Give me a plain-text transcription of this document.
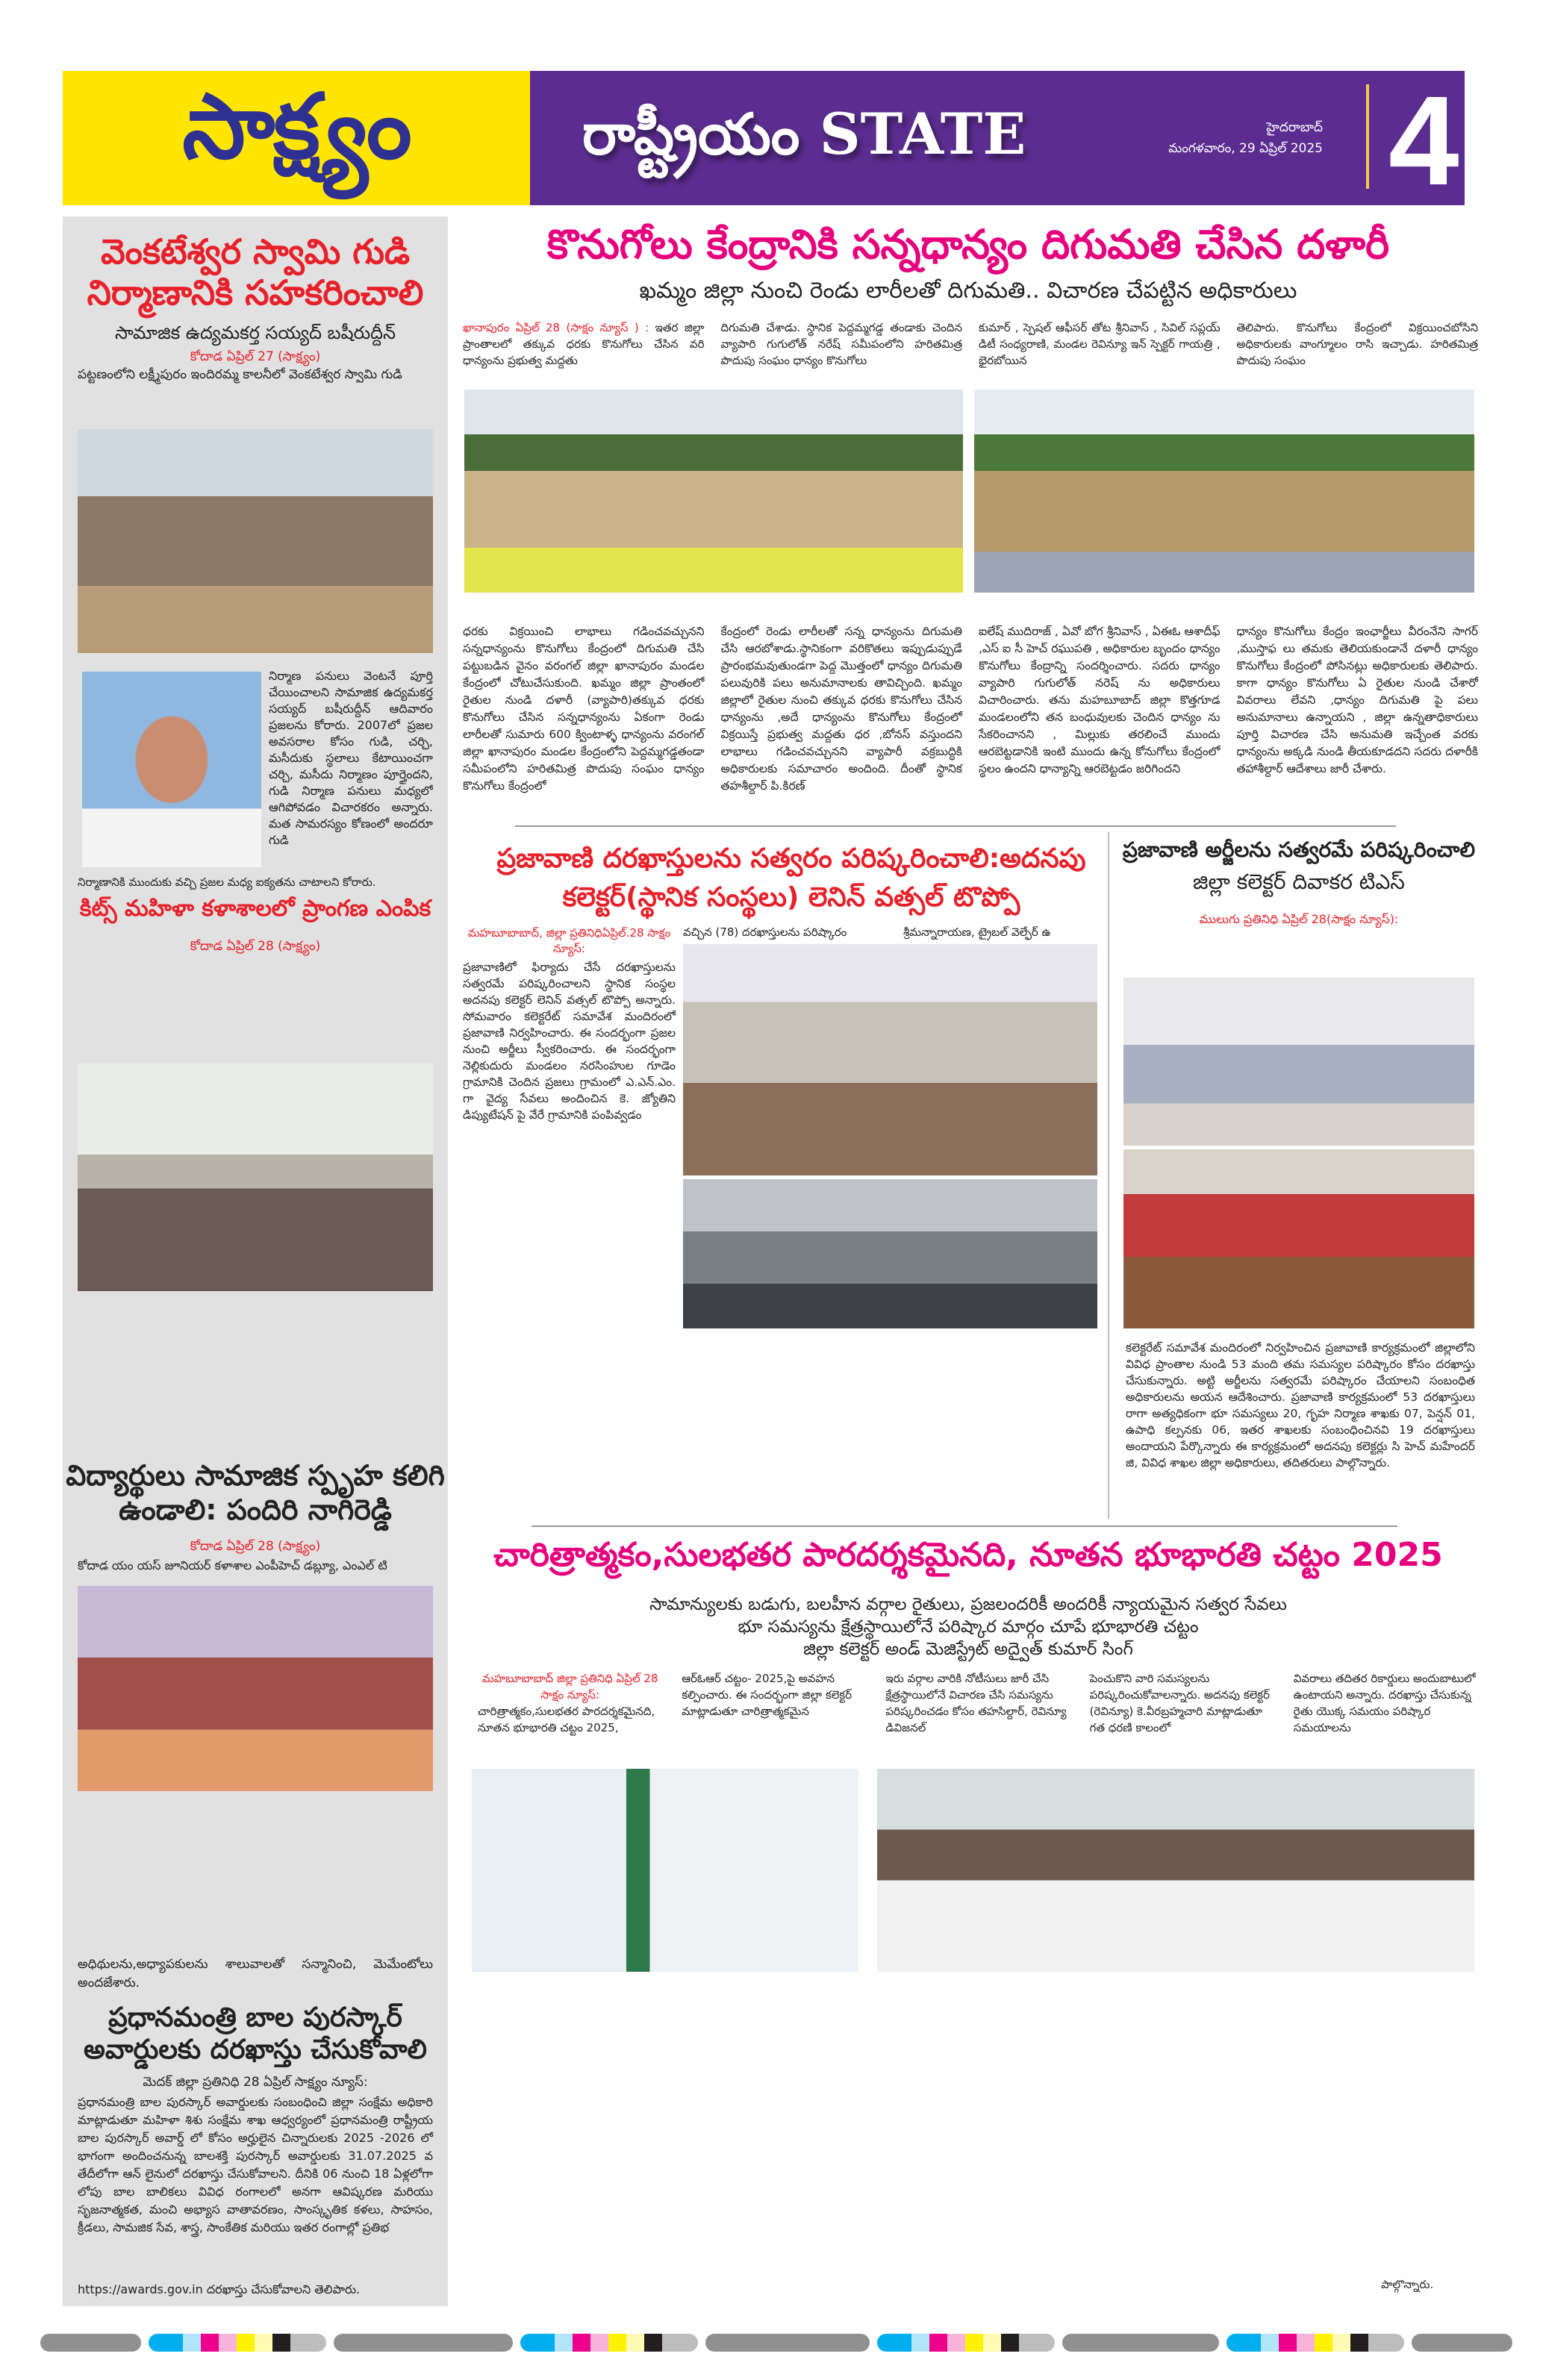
సాక్ష్యం	రాష్ట్రీయం STATE	హైదరాబాద్
మంగళవారం, 29 ఏప్రిల్ 2025 4
వెంకటేశ్వర స్వామి గుడి నిర్మాణానికి సహకరించాలి
సామాజిక ఉద్యమకర్త సయ్యద్ బషీరుద్దీన్
కోదాడ ఏప్రిల్ 27 (సాక్ష్యం)
పట్టణంలోని లక్ష్మీపురం ఇందిరమ్మ కాలనీలో వెంకటేశ్వర స్వామి గుడి
నిర్మాణ పనులు వెంటనే పూర్తి చేయించాలని సామాజిక ఉద్యమకర్త సయ్యద్ బషీరుద్దీన్ ఆదివారం ప్రజలను కోరారు. 2007లో ప్రజల అవసరాల కోసం గుడి, చర్చి, మసీదుకు స్థలాలు కేటాయించగా చర్చి, మసీదు నిర్మాణం పూర్తైందని, గుడి నిర్మాణ పనులు మధ్యలో ఆగిపోవడం విచారకరం అన్నారు. మత సామరస్యం కోణంలో అందరూ గుడి
నిర్మాణానికి ముందుకు వచ్చి ప్రజల మధ్య ఐక్యతను చాటాలని కోరారు.
కిట్స్ మహిళా కళాశాలలో ప్రాంగణ ఎంపిక
కోదాడ ఏప్రిల్ 28 (సాక్ష్యం)
విద్యార్థులు సామాజిక స్పృహ కలిగి ఉండాలి: పందిరి నాగిరెడ్డి
కోదాడ ఏప్రిల్ 28 (సాక్ష్యం)
కోదాడ యం యస్ జూనియర్ కళాశాల ఎంపీహెచ్ డబ్ల్యూ, ఎంఎల్ టి
అధిథులను,అధ్యాపకులను శాలువాలతో సన్మానించి, మెమేంటోలు అందజేశారు.
ప్రధానమంత్రి బాల పురస్కార్ అవార్డులకు దరఖాస్తు చేసుకోవాలి
మెదక్ జిల్లా ప్రతినిధి 28 ఏప్రిల్ సాక్ష్యం న్యూస్:
ప్రధానమంత్రి బాల పురస్కార్ అవార్డులకు సంబంధించి జిల్లా సంక్షేమ అధికారి మాట్లాడుతూ మహిళా శిశు సంక్షేమ శాఖ ఆధ్వర్యంలో ప్రధానమంత్రి రాష్ట్రీయ బాల పురస్కార్ అవార్డ్ లో కోసం అర్హులైన చిన్నారులకు 2025 -2026 లో భాగంగా అందించనున్న బాలశక్తి పురస్కార్ అవార్డులకు 31.07.2025 వ తేదీలోగా ఆన్ లైనులో దరఖాస్తు చేసుకోవాలని. దీనికి 06 నుంచి 18 ఏళ్లలోగా లోపు బాల బాలికలు వివిధ రంగాలలో అనగా ఆవిష్కరణ మరియు సృజనాత్మకత, మంచి అభ్యాస వాతావరణం, సాంస్కృతిక కళలు, సాహసం, క్రీడలు, సామజిక సేవ, శాస్త్ర, సాంకేతిక మరియు ఇతర రంగాల్లో ప్రతిభ
https://awards.gov.in దరఖాస్తు చేసుకోవాలని తెలిపారు.
కొనుగోలు కేంద్రానికి సన్నధాన్యం దిగుమతి చేసిన దళారీ
ఖమ్మం జిల్లా నుంచి రెండు లారీలతో దిగుమతి.. విచారణ చేపట్టిన అధికారులు
ఖానాపురం ఏప్రిల్ 28 (సాక్షం న్యూస్ ) : ఇతర జిల్లా ప్రాంతాలలో తక్కువ ధరకు కొనుగోలు చేసిన వరి ధాన్యంను ప్రభుత్వ మద్దతు
దిగుమతి చేశాడు. స్థానిక పెద్దమ్మగడ్డ తండాకు చెందిన వ్యాపారి గుగులోత్ నరేష్ సమీపంలోని హరితమిత్ర పొదుపు సంఘం ధాన్యం కొనుగోలు
కుమార్ , స్పెషల్ ఆఫీసర్ తోట శ్రీనివాస్ , సివిల్ సప్లయ్ డిటీ సంధ్యరాణి, మండల రెవిన్యూ ఇన్ స్పెక్టర్ గాయత్రి , భైరబోయిన
తెలిపారు. కొనుగోలు కేంద్రంలో విక్రయించబోసిని అధికారులకు వాంగ్మూలం రాసి ఇచ్చాడు. హరితమిత్ర పొదుపు సంఘం
ధరకు విక్రయించి లాభాలు గడించవచ్చునని సన్నధాన్యంను కొనుగోలు కేంద్రంలో దిగుమతి చేసి పట్టుబడిన వైనం వరంగల్ జిల్లా ఖానాపురం మండల కేంద్రంలో చోటుచేసుకుంది. ఖమ్మం జిల్లా ప్రాంతంలో రైతుల నుండి దళారీ (వ్యాపారి)తక్కువ ధరకు కొనుగోలు చేసిన సన్నధాన్యంను ఏకంగా రెండు లారీలతో సుమారు 600 క్వింటాళ్ళ ధాన్యంను వరంగల్ జిల్లా ఖానాపురం మండల కేంద్రంలోని పెద్దమ్మగడ్డతండా సమీపంలోని హరితమిత్ర పొదుపు సంఘం ధాన్యం కొనుగోలు కేంద్రంలో
కేంద్రంలో రెండు లారీలతో సన్న ధాన్యంను దిగుమతి చేసి ఆరబోశాడు.స్థానికంగా వరికొతలు ఇప్పుడుప్పుడే ప్రారంభమవుతుండగా పెద్ద మొత్తంలో ధాన్యం దిగుమతి పలువురికి పలు అనుమానాలకు తావిచ్చింది. ఖమ్మం జిల్లాలో రైతుల నుంచి తక్కువ ధరకు కొనుగోలు చేసిన ధాన్యంను ,అదే ధాన్యంను కొనుగోలు కేంద్రంలో విక్రయిస్తే ప్రభుత్వ మద్దతు ధర ,బోనస్ వస్తుందని లాభాలు గడించవచ్చునని వ్యాపారీ వక్రబుద్ధికి అధికారులకు సమాచారం అందింది. దీంతో స్థానిక తహశీల్దార్ పి.కిరణ్
ఐలేష్ ముదిరాజ్ , ఏవో బోగ శ్రీనివాస్ , ఏఈఓ ఆశాదీఫ్ ,ఎస్ ఐ సీ హెచ్ రఘుపతి , అధికారుల బృందం ధాన్యం కొనుగోలు కేంద్రాన్ని సందర్శించారు. సదరు ధాన్యం వ్యాపారి గుగులోత్ నరెష్ ను అధికారులు విచారించారు. తను మహబూబాద్ జిల్లా కొత్తగూడ మండలంలోని తన బంధువులకు చెందిన ధాన్యం ను సేకరించానని , మిల్లుకు తరలించే ముందు ఆరబెట్టడానికి ఇంటి ముందు ఉన్న కోనుగోలు కేంద్రంలో స్థలం ఉందని ధాన్యాన్ని ఆరబెట్టడం జరిగిందని
ధాన్యం కొనుగోలు కేంద్రం ఇంఛార్జీలు వీరంనేని సాగర్ ,ముస్తాఫ లు తమకు తెలియకుండానే దళారీ ధాన్యం కొనుగోలు కేంద్రంలో పోసినట్లు అధికారులకు తెలిపారు. కాగా ధాన్యం కొనుగోలు ఏ రైతుల నుండి చేశారో వివరాలు లేవని ,ధాన్యం దిగుమతి పై పలు అనుమానాలు ఉన్నాయని , జిల్లా ఉన్నతాధికారులు పూర్తి విచారణ చేసి అనుమతి ఇచ్చేంత వరకు ధాన్యంను అక్కడి నుండి తీయకూడదని సదరు దళారీకి తహాశీల్దార్ ఆదేశాలు జారీ చేశారు.
ప్రజావాణి దరఖాస్తులను సత్వరం పరిష్కరించాలి:అదనపు కలెక్టర్(స్థానిక సంస్థలు) లెనిన్ వత్సల్ టొప్పో
మహబూబాబాద్, జిల్లా ప్రతినిధిఏప్రిల్.28 సాక్షం న్యూస్:
ప్రజావాణిలో ఫిర్యాదు చేసే దరఖాస్తులను సత్వరమే పరిష్కరించాలని స్థానిక సంస్థల అదనపు కలెక్టర్ లెనిన్ వత్సల్ టొప్పో అన్నారు. సోమవారం కలెక్టరేట్ సమావేశ మందిరంలో ప్రజావాణి నిర్వహించారు. ఈ సందర్భంగా ప్రజల నుంచి అర్జీలు స్వీకరించారు. ఈ సందర్భంగా నెల్లికుదురు మండలం నరసింహుల గూడెం గ్రామానికి చెందిన ప్రజలు గ్రామంలో ఎ.ఎన్.ఎం. గా వైద్య సేవలు అందించిన కె. జ్యోతిని డిప్యుటేషన్ పై వేరే గ్రామానికి పంపివ్వడం
వచ్చిన (78) దరఖాస్తులను పరిష్కారం	శ్రీమన్నారాయణ, ట్రైబల్ వెల్ఫేర్ ఉ
ప్రజావాణి అర్జీలను సత్వరమే పరిష్కరించాలి
జిల్లా కలెక్టర్ దివాకర టిఎస్
ములుగు ప్రతినిధి ఏప్రిల్ 28(సాక్షం న్యూస్):
కలెక్టరేట్ సమావేశ మందిరంలో నిర్వహించిన ప్రజావాణి కార్యక్రమంలో జిల్లాలోని వివిధ ప్రాంతాల నుండి 53 మంది తమ సమస్యల పరిష్కారం కోసం దరఖాస్తు చేసుకున్నారు. అట్టి అర్జీలను సత్వరమే పరిష్కారం చేయాలని సంబంధిత అధికారులను అయన ఆదేశించారు. ప్రజావాణి కార్యక్రమంలో 53 దరఖాస్తులు రాగా అత్యధికంగా భూ సమస్యలు 20, గృహ నిర్మాణ శాఖకు 07, పెన్షన్ 01, ఉపాధి కల్పనకు 06, ఇతర శాఖలకు సంబంధించినవి 19 దరఖాస్తులు అందాయని పేర్కొన్నారు ఈ కార్యక్రమంలో అదనపు కలెక్టర్లు సి హెచ్ మహేందర్ జి, వివిధ శాఖల జిల్లా అధికారులు, తదితరులు పాల్గొన్నారు.
చారిత్రాత్మకం,సులభతర పారదర్శకమైనది, నూతన భూభారతి చట్టం 2025
సామాన్యులకు బడుగు, బలహీన వర్గాల రైతులు, ప్రజలందరికీ అందరికీ న్యాయమైన సత్వర సేవలు
భూ సమస్యను క్షేత్రస్థాయిలోనే పరిష్కార మార్గం చూపే భూభారతి చట్టం
జిల్లా కలెక్టర్ అండ్ మెజిస్ట్రేట్ అద్వైత్ కుమార్ సింగ్
మహబూబాబాద్ జిల్లా ప్రతినిధి ఏప్రిల్ 28 సాక్షం న్యూస్:
చారిత్రాత్మకం,సులభతర పారదర్శకమైనది, నూతన భూభారతి చట్టం 2025,
ఆర్ఓఆర్ చట్టం- 2025,పై అవహన కల్పించారు. ఈ సందర్భంగా జిల్లా కలెక్టర్ మాట్లాడుతూ చారిత్రాత్మకమైన
ఇరు వర్గాల వారికి నోటీసులు జారీ చేసి క్షేత్రస్థాయిలోనే విచారణ చేసి సమస్యను పరిష్కరించడం కోసం తహసిల్దార్, రెవిన్యూ డివిజనల్
పెంచుకొని వారి సమస్యలను పరిష్కరించుకోవాలన్నారు. అదనపు కలెక్టర్ (రెవిన్యూ) కె.వీరబ్రహ్మచారి మాట్లాడుతూ గత ధరణి కాలంలో
వివరాలు తదితర రికార్డులు అందుబాటులో ఉంటాయని అన్నారు. దరఖాస్తు చేసుకున్న రైతు యొక్క సమయం పరిష్కార సమయాలను
పాల్గొన్నారు.
